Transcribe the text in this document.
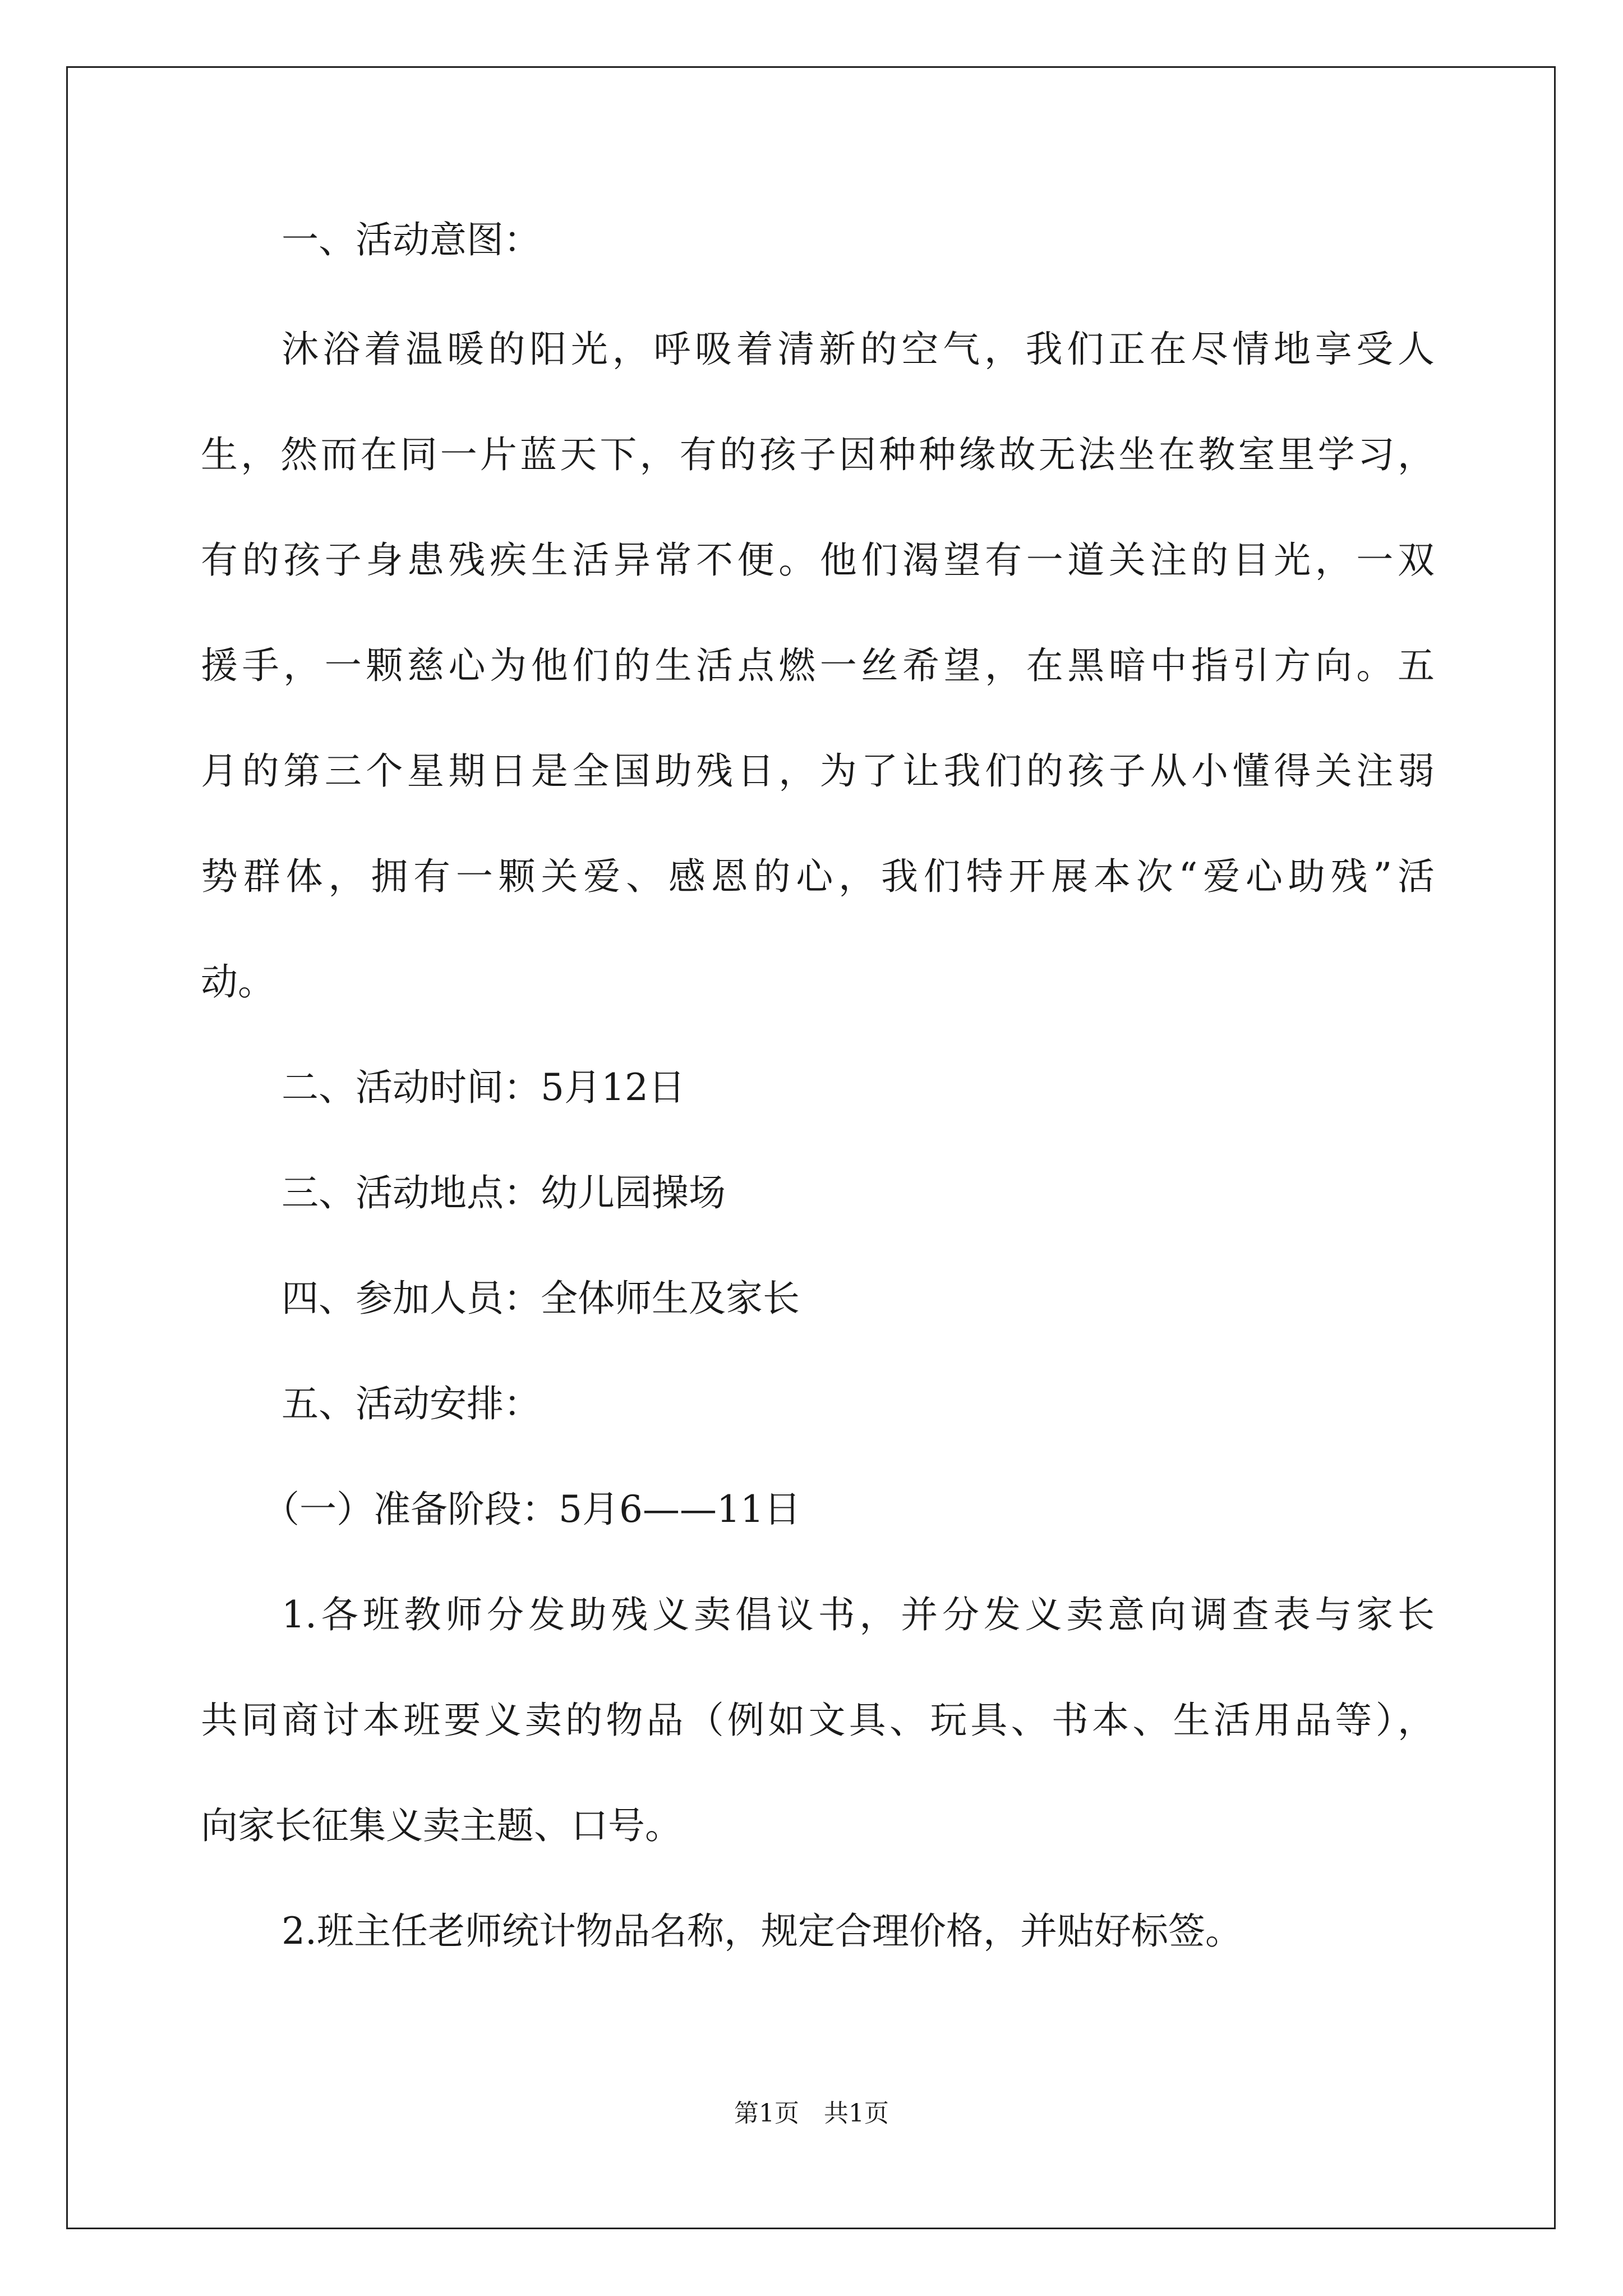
一、活动意图：
沐浴着温暖的阳光，呼吸着清新的空气，我们正在尽情地享受人
生，然而在同一片蓝天下，有的孩子因种种缘故无法坐在教室里学习，
有的孩子身患残疾生活异常不便。他们渴望有一道关注的目光，一双
援手，一颗慈心为他们的生活点燃一丝希望，在黑暗中指引方向。五
月的第三个星期日是全国助残日，为了让我们的孩子从小懂得关注弱
势群体，拥有一颗关爱、感恩的心，我们特开展本次“爱心助残”活
动。
二、活动时间：5月12日
三、活动地点：幼儿园操场
四、参加人员：全体师生及家长
五、活动安排：
（一）准备阶段：5月6——11日
1.各班教师分发助残义卖倡议书，并分发义卖意向调查表与家长
共同商讨本班要义卖的物品（例如文具、玩具、书本、生活用品等），
向家长征集义卖主题、口号。
2.班主任老师统计物品名称，规定合理价格，并贴好标签。
第1页　共1页
